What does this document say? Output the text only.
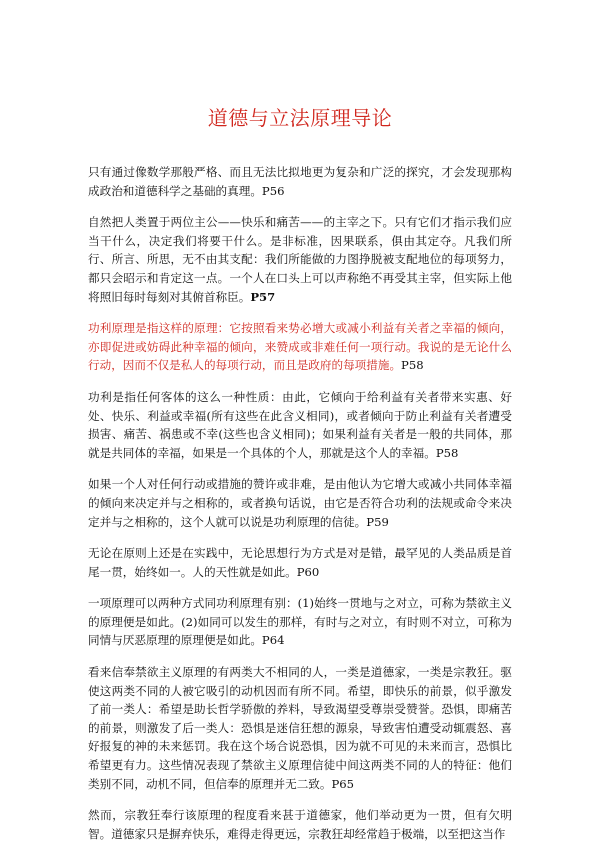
道德与立法原理导论

只有通过像数学那般严格、而且无法比拟地更为复杂和广泛的探究，才会发现那构成政治和道德科学之基础的真理。P56

自然把人类置于两位主公——快乐和痛苦——的主宰之下。只有它们才指示我们应当干什么，决定我们将要干什么。是非标准，因果联系，俱由其定夺。凡我们所行、所言、所思，无不由其支配：我们所能做的力图挣脱被支配地位的每项努力，都只会昭示和肯定这一点。一个人在口头上可以声称绝不再受其主宰，但实际上他将照旧每时每刻对其俯首称臣。P57

功利原理是指这样的原理：它按照看来势必增大或减小利益有关者之幸福的倾向，亦即促进或妨碍此种幸福的倾向，来赞成或非难任何一项行动。我说的是无论什么行动，因而不仅是私人的每项行动，而且是政府的每项措施。P58

功利是指任何客体的这么一种性质：由此，它倾向于给利益有关者带来实惠、好处、快乐、利益或幸福(所有这些在此含义相同)，或者倾向于防止利益有关者遭受损害、痛苦、祸患或不幸(这些也含义相同)；如果利益有关者是一般的共同体，那就是共同体的幸福，如果是一个具体的个人，那就是这个人的幸福。P58

如果一个人对任何行动或措施的赞许或非难，是由他认为它增大或减小共同体幸福的倾向来决定并与之相称的，或者换句话说，由它是否符合功利的法规或命令来决定并与之相称的，这个人就可以说是功利原理的信徒。P59

无论在原则上还是在实践中，无论思想行为方式是对是错，最罕见的人类品质是首尾一贯，始终如一。人的天性就是如此。P60

一项原理可以两种方式同功利原理有别：(1)始终一贯地与之对立，可称为禁欲主义的原理便是如此。(2)如同可以发生的那样，有时与之对立，有时则不对立，可称为同情与厌恶原理的原理便是如此。P64

看来信奉禁欲主义原理的有两类大不相同的人，一类是道德家，一类是宗教狂。驱使这两类不同的人被它吸引的动机因而有所不同。希望，即快乐的前景，似乎激发了前一类人：希望是助长哲学骄傲的养料，导致渴望受尊崇受赞誉。恐惧，即痛苦的前景，则激发了后一类人：恐惧是迷信狂想的源泉，导致害怕遭受动辄震怒、喜好报复的神的未来惩罚。我在这个场合说恐惧，因为就不可见的未来而言，恐惧比希望更有力。这些情况表现了禁欲主义原理信徒中间这两类不同的人的特征：他们类别不同，动机不同，但信奉的原理并无二致。P65

然而，宗教狂奉行该原理的程度看来甚于道德家，他们举动更为一贯，但有欠明智。道德家只是摒弃快乐，难得走得更远，宗教狂却经常趋于极端，以至把这当作
